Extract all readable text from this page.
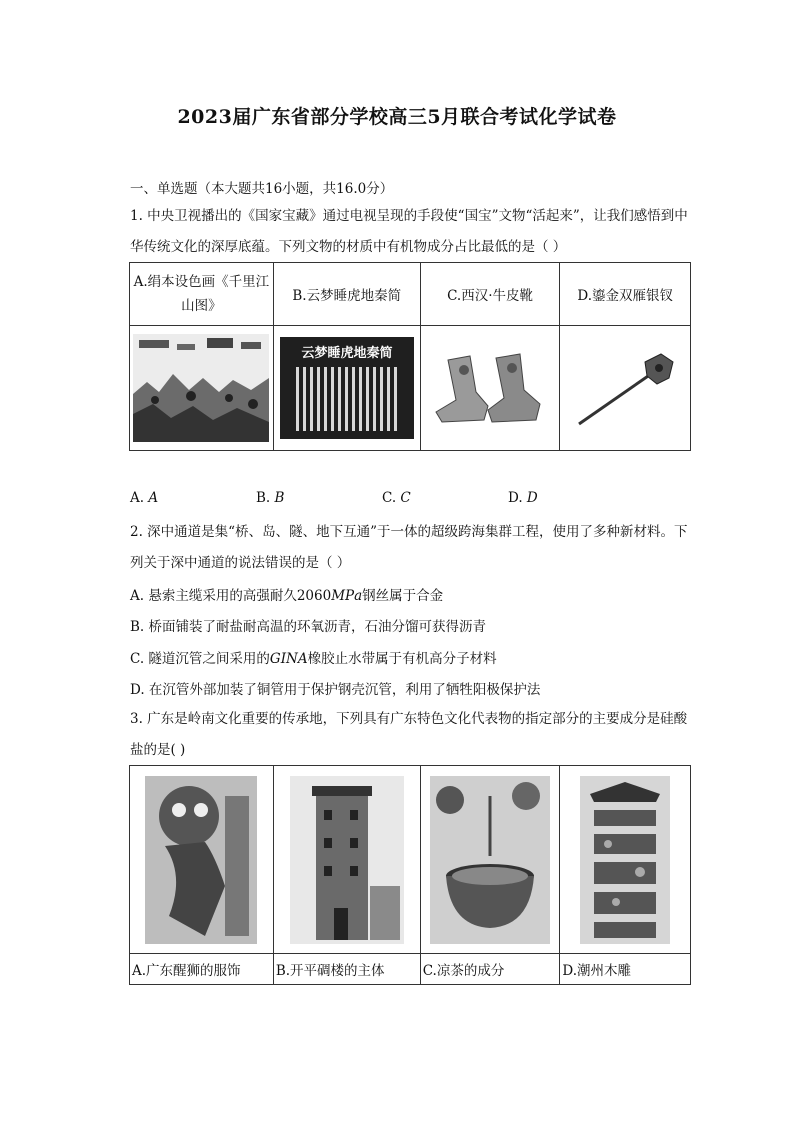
2023届广东省部分学校高三5月联合考试化学试卷
一、单选题（本大题共16小题，共16.0分）
1. 中央卫视播出的《国家宝藏》通过电视呈现的手段使“国宝”文物“活起来”，让我们感悟到中华传统文化的深厚底蕴。下列文物的材质中有机物成分占比最低的是（ ）
A.绢本设色画《千里江山图》	B.云梦睡虎地秦简	C.西汉·牛皮靴	D.鎏金双雁银钗

云梦睡虎地秦简

A. 𝐴	B. 𝐵	C. 𝐶	D. 𝐷
2. 深中通道是集“桥、岛、隧、地下互通”于一体的超级跨海集群工程，使用了多种新材料。下列关于深中通道的说法错误的是（ ）
A. 悬索主缆采用的高强耐久2060𝑀𝑃𝑎钢丝属于合金
B. 桥面铺装了耐盐耐高温的环氧沥青，石油分馏可获得沥青
C. 隧道沉管之间采用的𝐺𝐼𝑁𝐴橡胶止水带属于有机高分子材料
D. 在沉管外部加装了铜管用于保护钢壳沉管，利用了牺牲阳极保护法
3. 广东是岭南文化重要的传承地，下列具有广东特色文化代表物的指定部分的主要成分是硅酸盐的是( )

A.广东醒狮的服饰	B.开平碉楼的主体	C.凉茶的成分	D.潮州木雕
